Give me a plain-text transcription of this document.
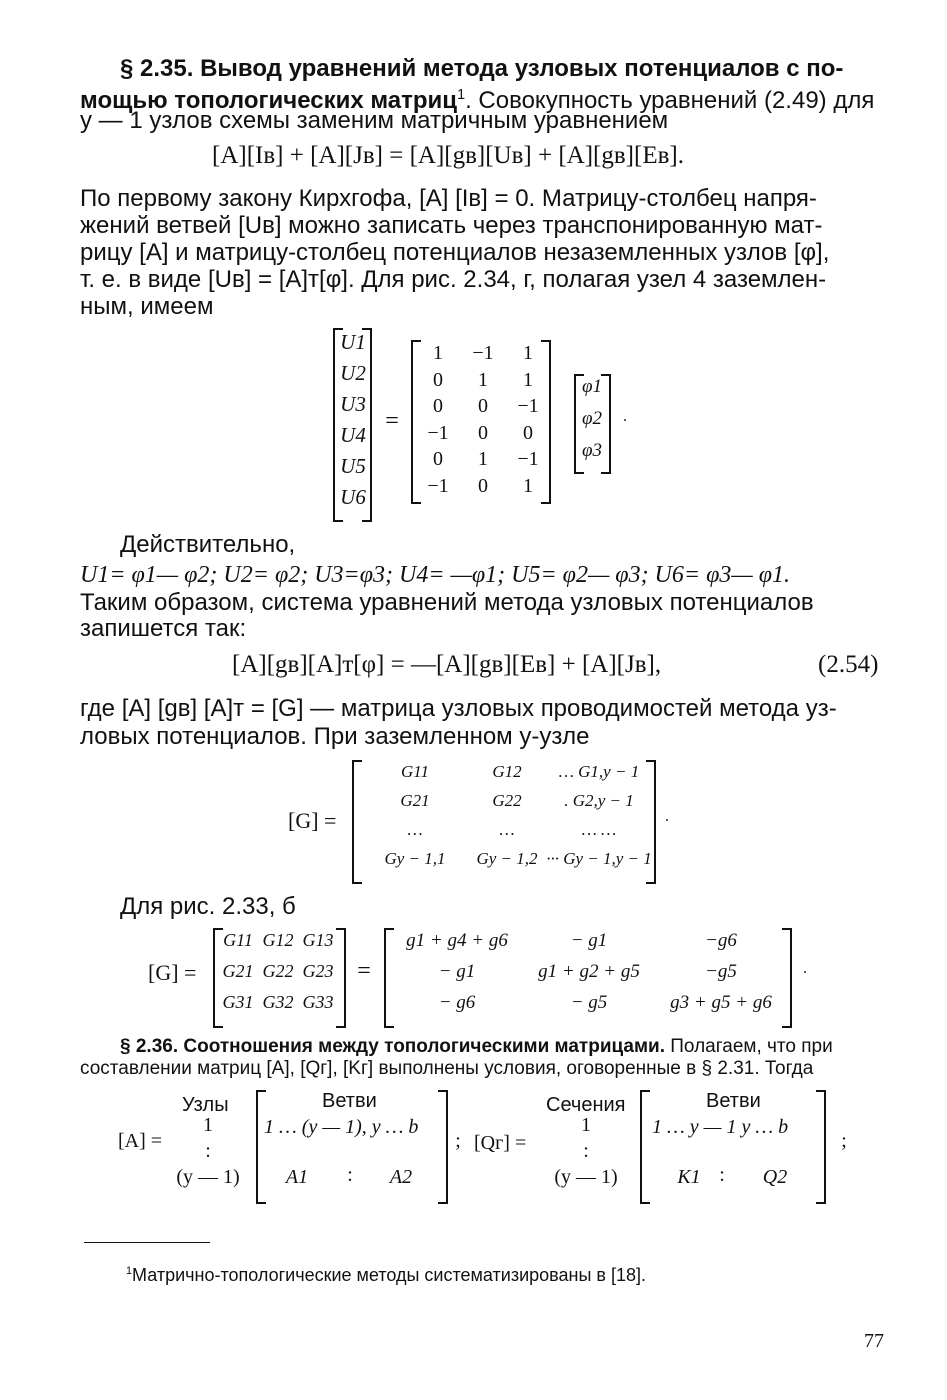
§ 2.35. Вывод уравнений метода узловых потенциалов с по-
мощью топологических матриц$^1$. Совокупность уравнений (2.49) для
y — 1 узлов схемы заменим матричным уравнением
[A][Iв] + [A][Jв] = [A][gв][Uв] + [A][gв][Eв].
По первому закону Кирхгофа, [A] [Iв] = 0. Матрицу-столбец напря-
жений ветвей [Uв] можно записать через транспонированную мат-
рицу [A] и матрицу-столбец потенциалов незаземленных узлов [φ],
т. е. в виде [Uв] = [A]т[φ]. Для рис. 2.34, г, полагая узел 4 заземлен-
ным, имеем
U1
U2
U3
U4
U5
U6
=
1	−1	1
0	1	1
0	0	−1
−1	0	0
0	1	−1
−1	0	1
φ1
φ2
φ3
.
Действительно,
U1= φ1— φ2; U2= φ2; U3=φ3; U4= —φ1; U5= φ2— φ3; U6= φ3— φ1.
Таким образом, система уравнений метода узловых потенциалов
запишется так:
[A][gв][A]т[φ] = —[A][gв][Eв] + [A][Jв],	(2.54)
где [A] [gв] [A]т = [G] — матрица узловых проводимостей метода уз-
ловых потенциалов. При заземленном y-узле
[G] =
G11	G12	… G1,y − 1
G21	G22	. G2,y − 1
…	…	… …
Gy − 1,1	Gy − 1,2 ··· Gy − 1,y − 1
.
Для рис. 2.33, б
[G] =
G11 G12 G13
G21 G22 G23
G31 G32 G33
=
g1 + g4 + g6	− g1	−g6
− g1	g1 + g2 + g5	−g5
− g6	− g5	g3 + g5 + g6
.
§ 2.36. Соотношения между топологическими матрицами. Полагаем, что при
составлении матриц [A], [Qг], [Kг] выполнены условия, оговоренные в § 2.31. Тогда
Узлы	Ветви
[A] =
1
:
(y — 1)
1 … (y — 1), y … b
A1	:	A2
; [Qг] =
Сечения	Ветви
1
:
(y — 1)
1 … y — 1 y … b
K1 :	Q2
;
$^1$Матрично-топологические методы систематизированы в [18].
77
